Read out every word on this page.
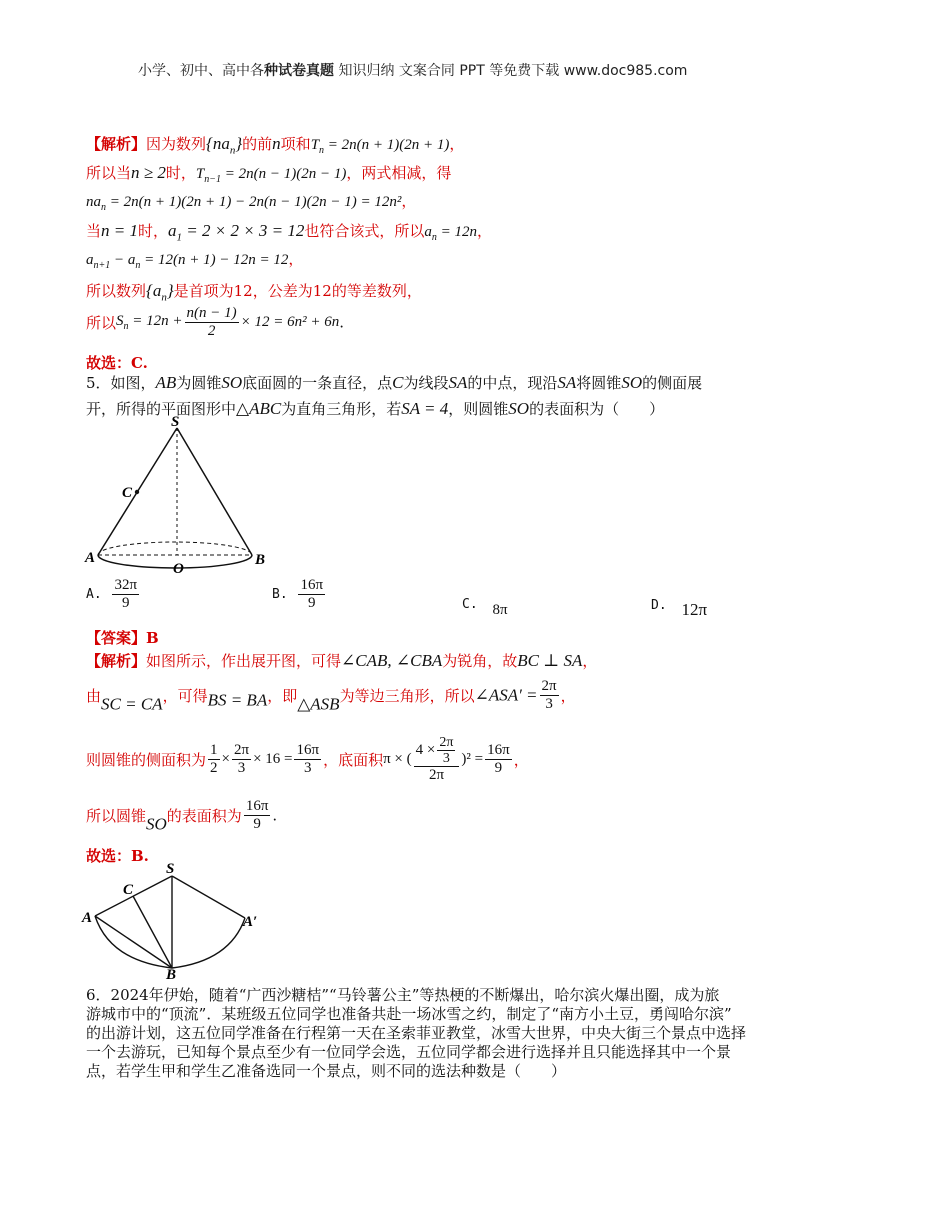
小学、初中、高中各种试卷真题 知识归纳 文案合同 PPT 等免费下载 www.doc985.com
【解析】因为数列$\{na_n\}$的前n项和$T_n = 2n(n + 1)(2n + 1)$，
所以当n ≥ 2时，$T_{n-1} = 2n(n - 1)(2n - 1)$，两式相减，得
$na_n = 2n(n + 1)(2n + 1) - 2n(n - 1)(2n - 1) = 12n^2$，
当n = 1时，$a_1 = 2 \times 2 \times 3 = 12$也符合该式，所以$a_n = 12n$，
$a_{n+1} - a_n = 12(n + 1) - 12n = 12$，
所以数列$\{a_n\}$是首项为12，公差为12的等差数列，
所以$S_n = 12n + \frac{n(n - 1)}{2} \times 12 = 6n^2 + 6n$.
故选：C.
5．如图，AB为圆锥SO底面圆的一条直径，点C为线段SA的中点，现沿SA将圆锥SO的侧面展
开，所得的平面图形中△ABC为直角三角形，若SA = 4，则圆锥SO的表面积为（　　）
S
C
A
O
B
A. $\frac{32\pi}{9}$	B. $\frac{16\pi}{9}$	C. 8π	D. 12π
【答案】B
【解析】如图所示，作出展开图，可得∠CAB, ∠CBA为锐角，故BC ⊥ SA，
由SC = CA，可得BS = BA，即△ASB为等边三角形，所以∠ASA′ = $\frac{2\pi}{3}$ ，
则圆锥的侧面积为 $\frac{1}{2} \times \frac{2\pi}{3} \times 16 = \frac{16\pi}{3}$ ，底面积π × ( $\frac{4 \times \frac{2\pi}{3}}{2\pi} )^2 = \frac{16\pi}{9}$ ，
所以圆锥SO的表面积为 $\frac{16\pi}{9}$ .
故选：B.
S
C
A	A′
B
6．2024年伊始，随着“广西沙糖桔”“马铃薯公主”等热梗的不断爆出，哈尔滨火爆出圈，成为旅
游城市中的“顶流”．某班级五位同学也准备共赴一场冰雪之约，制定了“南方小土豆，勇闯哈尔滨”
的出游计划，这五位同学准备在行程第一天在圣索菲亚教堂，冰雪大世界，中央大街三个景点中选择
一个去游玩，已知每个景点至少有一位同学会选，五位同学都会进行选择并且只能选择其中一个景
点，若学生甲和学生乙准备选同一个景点，则不同的选法种数是（　　）
